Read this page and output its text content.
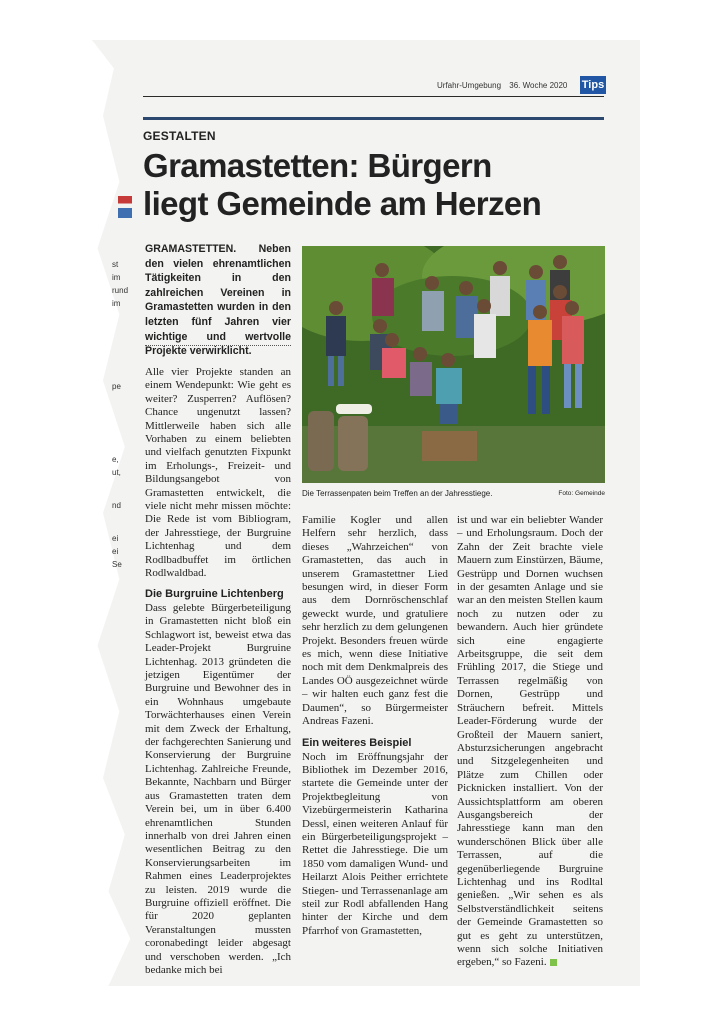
st
im
rund
im
pe
e,
ut,
nd
ei
ei
Se
Urfahr-Umgebung 36. Woche 2020	Tips
GESTALTEN
Gramastetten: Bürgern
liegt Gemeinde am Herzen
GRAMASTETTEN. Neben den vielen ehrenamtlichen Tätigkeiten in den zahlreichen Vereinen in Gramastetten wurden in den letzten fünf Jahren vier wichtige und wertvolle Projekte verwirklicht.

Alle vier Projekte standen an einem Wendepunkt: Wie geht es weiter? Zusperren? Auflösen? Chance ungenutzt lassen? Mittlerweile haben sich alle Vorhaben zu einem beliebten und vielfach genutzten Fixpunkt im Erholungs-, Freizeit- und Bildungsangebot von Gramastetten entwickelt, die viele nicht mehr missen möchte: Die Rede ist vom Bibliogram, der Jahresstiege, der Burgruine Lichtenhag und dem Rodlbadbuffet im örtlichen Rodlwaldbad.

Die Burgruine Lichtenberg

Dass gelebte Bürgerbeteiligung in Gramastetten nicht bloß ein Schlagwort ist, beweist etwa das Leader-Projekt Burgruine Lichtenhag. 2013 gründeten die jetzigen Eigentümer der Burgruine und Bewohner des in ein Wohnhaus umgebaute Torwächterhauses einen Verein mit dem Zweck der Erhaltung, der fachgerechten Sanierung und Konservierung der Burgruine Lichtenhag. Zahlreiche Freunde, Bekannte, Nachbarn und Bürger aus Gramastetten traten dem Verein bei, um in über 6.400 ehrenamtlichen Stunden innerhalb von drei Jahren einen wesentlichen Beitrag zu den Konservierungsarbeiten im Rahmen eines Leaderprojektes zu leisten. 2019 wurde die Burgruine offiziell eröffnet. Die für 2020 geplanten Veranstaltungen mussten coronabedingt leider abgesagt und verschoben werden. „Ich bedanke mich bei

Die Terrassenpaten beim Treffen an der Jahresstiege.	Foto: Gemeinde

Familie Kogler und allen Helfern sehr herzlich, dass dieses „Wahrzeichen“ von Gramastetten, das auch in unserem Gramastettner Lied besungen wird, in dieser Form aus dem Dornröschenschlaf geweckt wurde, und gratuliere sehr herzlich zu dem gelungenen Projekt. Besonders freuen würde es mich, wenn diese Initiative noch mit dem Denkmalpreis des Landes OÖ ausgezeichnet würde – wir halten euch ganz fest die Daumen“, so Bürgermeister Andreas Fazeni.

Ein weiteres Beispiel

Noch im Eröffnungsjahr der Bibliothek im Dezember 2016, startete die Gemeinde unter der Projektbegleitung von Vizebürgermeisterin Katharina Dessl, einen weiteren Anlauf für ein Bürgerbeteiligungsprojekt – Rettet die Jahresstiege. Die um 1850 vom damaligen Wund- und Heilarzt Alois Peither errichtete Stiegen- und Terrassenanlage am steil zur Rodl abfallenden Hang hinter der Kirche und dem Pfarrhof von Gramastetten,

ist und war ein beliebter Wander – und Erholungsraum. Doch der Zahn der Zeit brachte viele Mauern zum Einstürzen, Bäume, Gestrüpp und Dornen wuchsen in der gesamten Anlage und sie war an den meisten Stellen kaum noch zu nutzen oder zu bewandern. Auch hier gründete sich eine engagierte Arbeitsgruppe, die seit dem Frühling 2017, die Stiege und Terrassen regelmäßig von Dornen, Gestrüpp und Sträuchern befreit. Mittels Leader-Förderung wurde der Großteil der Mauern saniert, Absturzsicherungen angebracht und Sitzgelegenheiten und Plätze zum Chillen oder Picknicken installiert. Von der Aussichtsplattform am oberen Ausgangsbereich der Jahresstiege kann man den wunderschönen Blick über alle Terrassen, auf die gegenüberliegende Burgruine Lichtenhag und ins Rodltal genießen. „Wir sehen es als Selbstverständlichkeit seitens der Gemeinde Gramastetten so gut es geht zu unterstützen, wenn sich solche Initiativen ergeben,“ so Fazeni.
